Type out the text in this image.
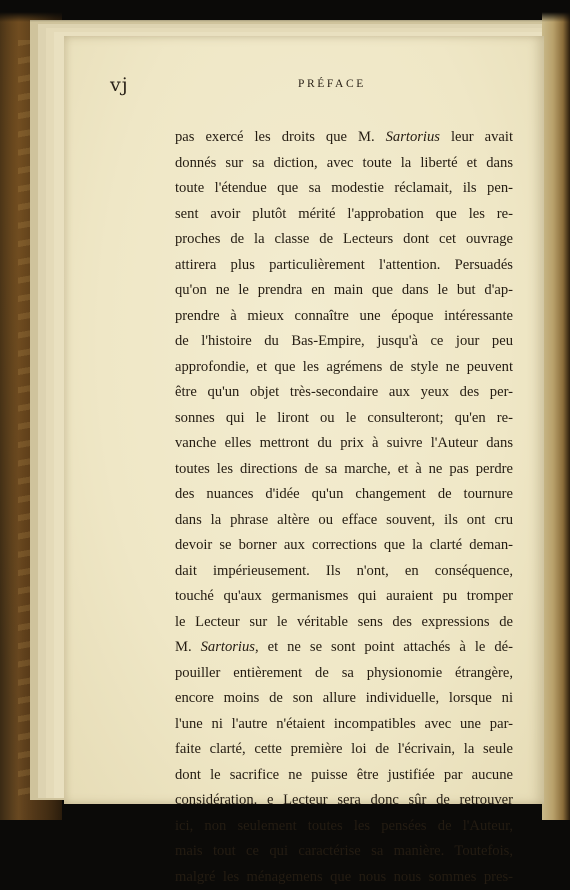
vj	PRÉFACE
pas exercé les droits que M. Sartorius leur avait
donnés sur sa diction, avec toute la liberté et dans
toute l'étendue que sa modestie réclamait, ils pen-
sent avoir plutôt mérité l'approbation que les re-
proches de la classe de Lecteurs dont cet ouvrage
attirera plus particulièrement l'attention. Persuadés
qu'on ne le prendra en main que dans le but d'ap-
prendre à mieux connaître une époque intéressante
de l'histoire du Bas-Empire, jusqu'à ce jour peu
approfondie, et que les agrémens de style ne peuvent
être qu'un objet très-secondaire aux yeux des per-
sonnes qui le liront ou le consulteront; qu'en re-
vanche elles mettront du prix à suivre l'Auteur dans
toutes les directions de sa marche, et à ne pas perdre
des nuances d'idée qu'un changement de tournure
dans la phrase altère ou efface souvent, ils ont cru
devoir se borner aux corrections que la clarté deman-
dait impérieusement. Ils n'ont, en conséquence,
touché qu'aux germanismes qui auraient pu tromper
le Lecteur sur le véritable sens des expressions de
M. Sartorius, et ne se sont point attachés à le dé-
pouiller entièrement de sa physionomie étrangère,
encore moins de son allure individuelle, lorsque ni
l'une ni l'autre n'étaient incompatibles avec une par-
faite clarté, cette première loi de l'écrivain, la seule
dont le sacrifice ne puisse être justifiée par aucune
considération. e Lecteur sera donc sûr de retrouver
ici, non seulement toutes les pensées de l'Auteur,
mais tout ce qui caractérise sa manière. Toutefois,
malgré les ménagemens que nous nous sommes pres-
